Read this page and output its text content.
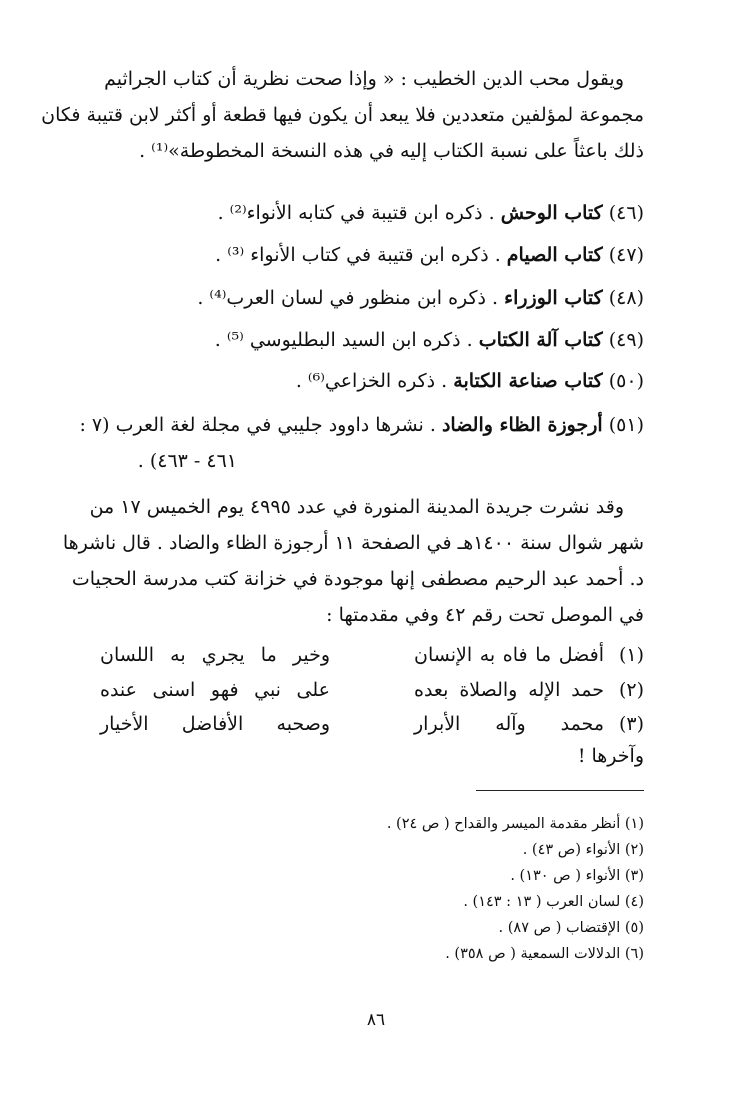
ويقول محب الدين الخطيب : « وإذا صحت نظرية أن كتاب الجراثيم
مجموعة لمؤلفين متعددين فلا يبعد أن يكون فيها قطعة أو أكثر لابن قتيبة فكان
ذلك باعثاً على نسبة الكتاب إليه في هذه النسخة المخطوطة»⁽¹⁾ .
(٤٦) كتاب الوحش . ذكره ابن قتيبة في كتابه الأنواء⁽²⁾ .
(٤٧) كتاب الصيام . ذكره ابن قتيبة في كتاب الأنواء ⁽³⁾ .
(٤٨) كتاب الوزراء . ذكره ابن منظور في لسان العرب⁽⁴⁾ .
(٤٩) كتاب آلة الكتاب . ذكره ابن السيد البطليوسي ⁽⁵⁾ .
(٥٠) كتاب صناعة الكتابة . ذكره الخزاعي⁽⁶⁾ .
(٥١) أرجوزة الظاء والضاد . نشرها داوود جليبي في مجلة لغة العرب (٧ :
٤٦١ - ٤٦٣) .
وقد نشرت جريدة المدينة المنورة في عدد ٤٩٩٥ يوم الخميس ١٧ من
شهر شوال سنة ١٤٠٠هـ في الصفحة ١١ أرجوزة الظاء والضاد . قال ناشرها
د. أحمد عبد الرحيم مصطفى إنها موجودة في خزانة كتب مدرسة الحجيات
في الموصل تحت رقم ٤٢ وفي مقدمتها :
(١)
أفضل ما فاه به الإنسان
وخير ما يجري به اللسان
(٢)
حمد الإله والصلاة بعده
على نبي فهو اسنى عنده
(٣)
محمد وآله الأبرار
وصحبه الأفاضل الأخيار
وآخرها !
(١) أنظر مقدمة الميسر والقداح ( ص ٢٤) .
(٢) الأنواء (ص ٤٣) .
(٣) الأنواء ( ص ١٣٠) .
(٤) لسان العرب ( ١٣ : ١٤٣) .
(٥) الإقتضاب ( ص ٨٧) .
(٦) الدلالات السمعية ( ص ٣٥٨) .
٨٦
